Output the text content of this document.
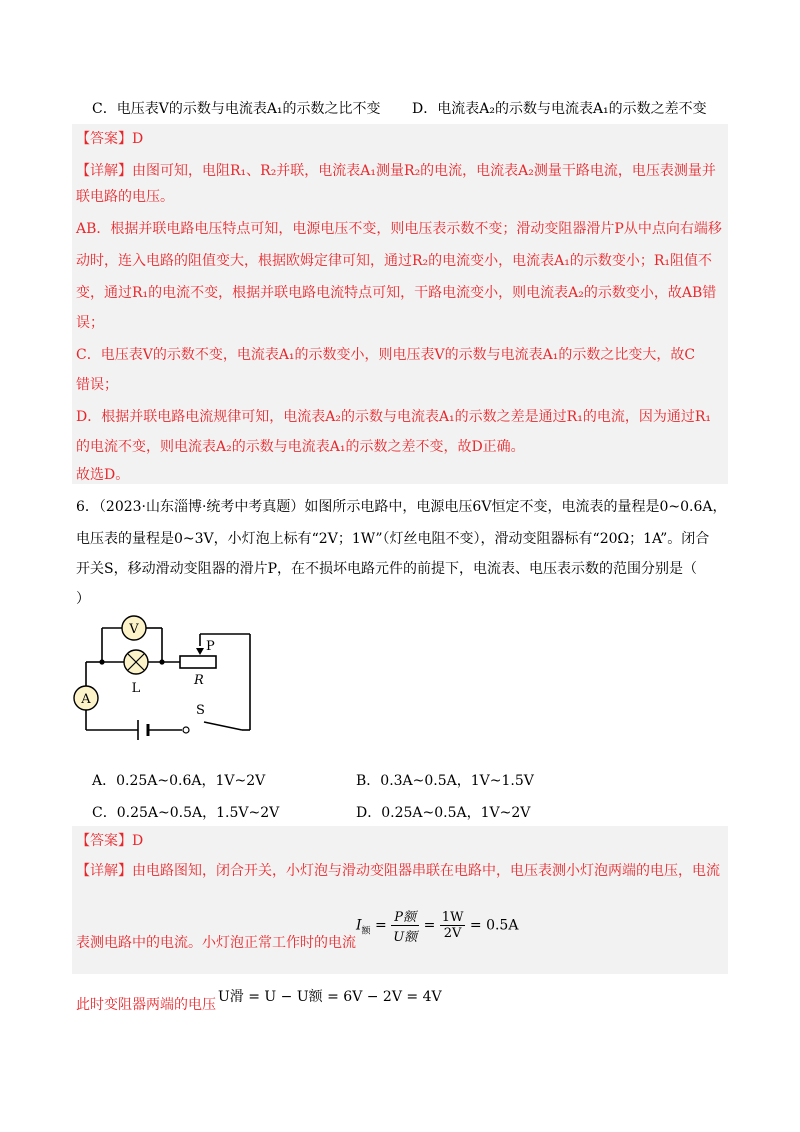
C．电压表V的示数与电流表A₁的示数之比不变 D．电流表A₂的示数与电流表A₁的示数之差不变
【答案】D
【详解】由图可知，电阻R₁、R₂并联，电流表A₁测量R₂的电流，电流表A₂测量干路电流，电压表测量并
联电路的电压。
AB．根据并联电路电压特点可知，电源电压不变，则电压表示数不变；滑动变阻器滑片P从中点向右端移
动时，连入电路的阻值变大，根据欧姆定律可知，通过R₂的电流变小，电流表A₁的示数变小；R₁阻值不
变，通过R₁的电流不变，根据并联电路电流特点可知，干路电流变小，则电流表A₂的示数变小，故AB错
误；
C．电压表V的示数不变，电流表A₁的示数变小，则电压表V的示数与电流表A₁的示数之比变大，故C
错误；
D．根据并联电路电流规律可知，电流表A₂的示数与电流表A₁的示数之差是通过R₁的电流，因为通过R₁
的电流不变，则电流表A₂的示数与电流表A₁的示数之差不变，故D正确。
故选D。
6．（2023·山东淄博·统考中考真题）如图所示电路中，电源电压6V恒定不变，电流表的量程是0~0.6A，
电压表的量程是0~3V，小灯泡上标有“2V；1W”（灯丝电阻不变），滑动变阻器标有“20Ω；1A”。闭合
开关S，移动滑动变阻器的滑片P，在不损坏电路元件的前提下，电流表、电压表示数的范围分别是（
）
V
L
A
P
R
S
A．0.25A~0.6A，1V~2V	B．0.3A~0.5A，1V~1.5V
C．0.25A~0.5A，1.5V~2V	D．0.25A~0.5A，1V~2V
【答案】D
【详解】由电路图知，闭合开关，小灯泡与滑动变阻器串联在电路中，电压表测小灯泡两端的电压，电流
表测电路中的电流。小灯泡正常工作时的电流
$I_额 = \frac{\text{P额}}{\text{U额}} = \frac{1W}{2V} = 0.5A$
此时变阻器两端的电压 U滑 = U − U额 = 6V − 2V = 4V
